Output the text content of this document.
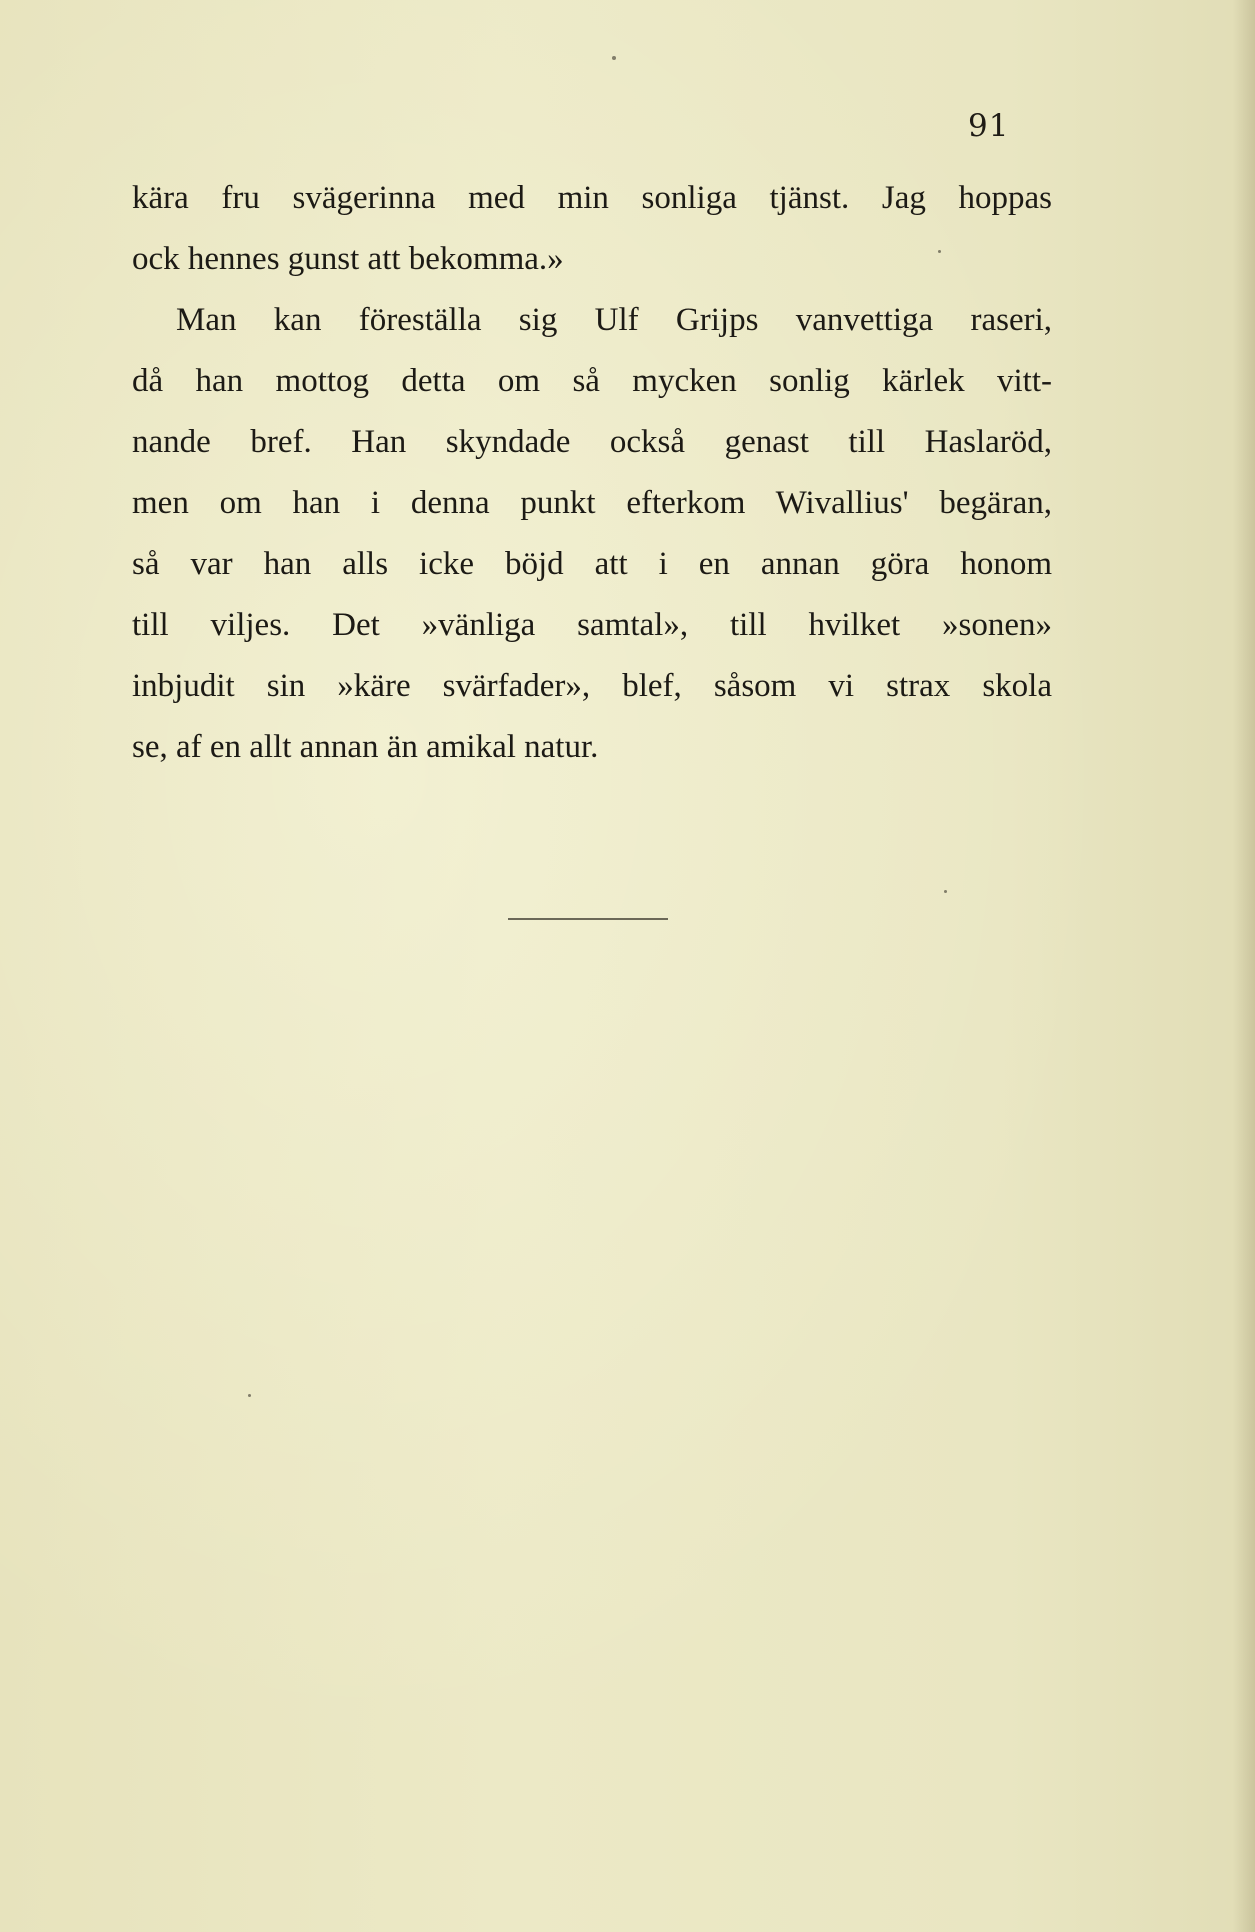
91
kära fru svägerinna med min sonliga tjänst. Jag hoppas
ock hennes gunst att bekomma.»
Man kan föreställa sig Ulf Grijps vanvettiga raseri,
då han mottog detta om så mycken sonlig kärlek vitt-
nande bref. Han skyndade också genast till Haslaröd,
men om han i denna punkt efterkom Wivallius' begäran,
så var han alls icke böjd att i en annan göra honom
till viljes. Det »vänliga samtal», till hvilket »sonen»
inbjudit sin »käre svärfader», blef, såsom vi strax skola
se, af en allt annan än amikal natur.
